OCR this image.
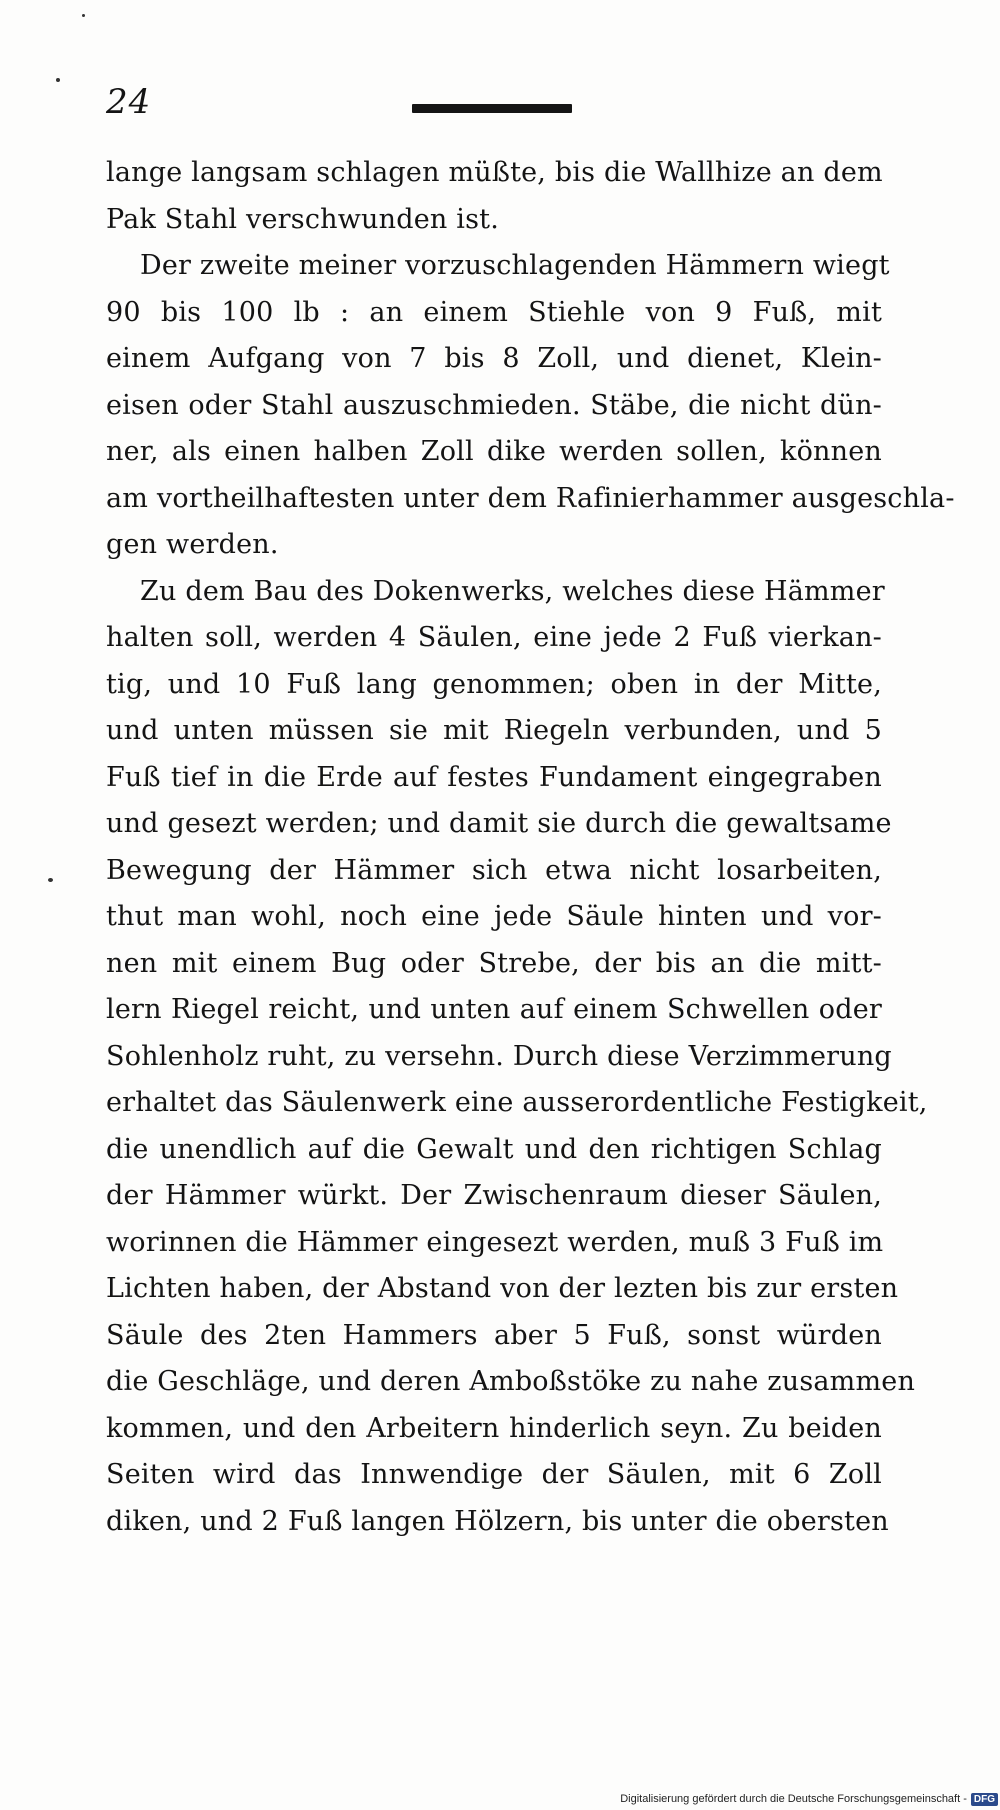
24
lange langsam schlagen müßte, bis die Wallhize an dem
Pak Stahl verschwunden ist.
Der zweite meiner vorzuschlagenden Hämmern wiegt
90 bis 100 lb : an einem Stiehle von 9 Fuß, mit
einem Aufgang von 7 bis 8 Zoll, und dienet, Klein-
eisen oder Stahl auszuschmieden. Stäbe, die nicht dün-
ner, als einen halben Zoll dike werden sollen, können
am vortheilhaftesten unter dem Rafinierhammer ausgeschla-
gen werden.
Zu dem Bau des Dokenwerks, welches diese Hämmer
halten soll, werden 4 Säulen, eine jede 2 Fuß vierkan-
tig, und 10 Fuß lang genommen; oben in der Mitte,
und unten müssen sie mit Riegeln verbunden, und 5
Fuß tief in die Erde auf festes Fundament eingegraben
und gesezt werden; und damit sie durch die gewaltsame
Bewegung der Hämmer sich etwa nicht losarbeiten,
thut man wohl, noch eine jede Säule hinten und vor-
nen mit einem Bug oder Strebe, der bis an die mitt-
lern Riegel reicht, und unten auf einem Schwellen oder
Sohlenholz ruht, zu versehn. Durch diese Verzimmerung
erhaltet das Säulenwerk eine ausserordentliche Festigkeit,
die unendlich auf die Gewalt und den richtigen Schlag
der Hämmer würkt. Der Zwischenraum dieser Säulen,
worinnen die Hämmer eingesezt werden, muß 3 Fuß im
Lichten haben, der Abstand von der lezten bis zur ersten
Säule des 2ten Hammers aber 5 Fuß, sonst würden
die Geschläge, und deren Amboßstöke zu nahe zusammen
kommen, und den Arbeitern hinderlich seyn. Zu beiden
Seiten wird das Innwendige der Säulen, mit 6 Zoll
diken, und 2 Fuß langen Hölzern, bis unter die obersten
Digitalisierung gefördert durch die Deutsche Forschungsgemeinschaft - DFG
